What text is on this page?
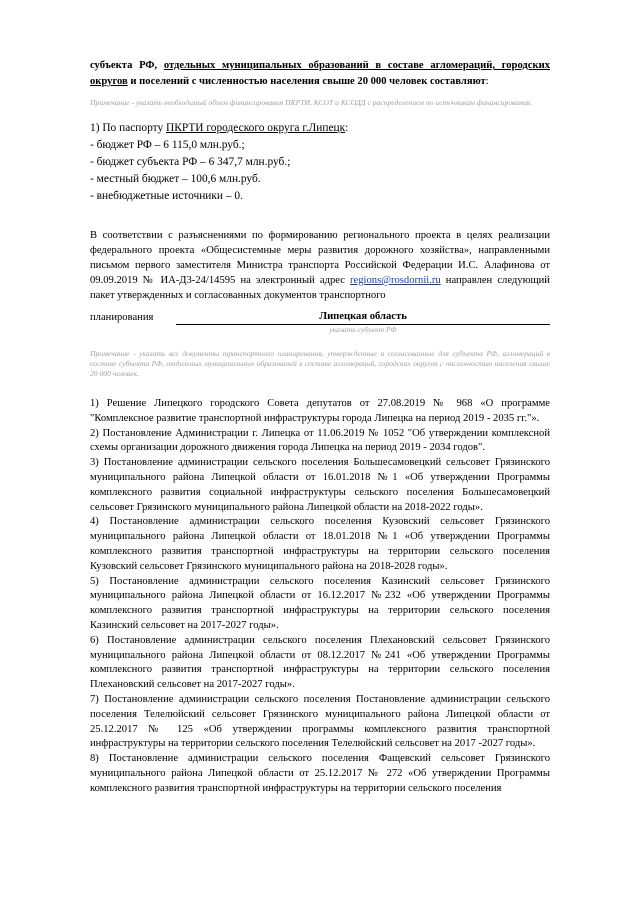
субъекта РФ, отдельных муниципальных образований в составе агломераций, городских округов и поселений с численностью населения свыше 20 000 человек составляют:

Примечание - указать необходимый объем финансирования ПКРТИ, КСОТ и КСОДД с распределением по источникам финансирования.

1) По паспорту ПКРТИ городеского округа г.Липецк:

- бюджет РФ – 6 115,0 млн.руб.;

- бюджет субъекта РФ – 6 347,7 млн.руб.;

- местный бюджет – 100,6 млн.руб.

- внебюджетные источники – 0.

В соответствии с разъяснениями по формированию регионального проекта в целях реализации федерального проекта «Общесистемные меры развития дорожного хозяйства», направленными письмом первого заместителя Министра транспорта Российской Федерации И.С. Алафинова от 09.09.2019 № ИА-Д3-24/14595 на электронный адрес regions@rosdornii.ru направлен следующий пакет утвержденных и согласованных документов транспортного

планирования	Липецкая область
указать субъект РФ

Примечание - указать все документы транспортного планирования, утвержденные и согласованные для субъекта РФ, агломераций в составе субъекта РФ, отдельных муниципальных образований в составе агломераций, городских округов с численностью населения свыше 20 000 человек.

1) Решение Липецкого городского Совета депутатов от 27.08.2019 № 968 «О программе "Комплексное развитие транспортной инфраструктуры города Липецка на период 2019 - 2035 гг."».

2) Постановление Администрации г. Липецка от 11.06.2019 № 1052 "Об утверждении комплексной схемы организации дорожного движения города Липецка на период 2019 - 2034 годов".

3) Постановление администрации сельского поселения Большесамовецкий сельсовет Грязинского муниципального района Липецкой области от 16.01.2018 №1 «Об утверждении Программы комплексного развития социальной инфраструктуры сельского поселения Большесамовецкий сельсовет Грязинского муниципального района Липецкой области на 2018-2022 годы».

4) Постановление администрации сельского поселения Кузовский сельсовет Грязинского муниципального района Липецкой области от 18.01.2018 №1 «Об утверждении Программы комплексного развития транспортной инфраструктуры на территории сельского поселения Кузовский сельсовет Грязинского муниципального района на 2018-2028 годы».

5) Постановление администрации сельского поселения Казинский сельсовет Грязинского муниципального района Липецкой области от 16.12.2017 №232 «Об утверждении Программы комплексного развития транспортной инфраструктуры на территории сельского поселения Казинский сельсовет на 2017-2027 годы».

6) Постановление администрации сельского поселения Плехановский сельсовет Грязинского муниципального района Липецкой области от 08.12.2017 №241 «Об утверждении Программы комплексного развития транспортной инфраструктуры на территории сельского поселения Плехановский сельсовет на 2017-2027 годы».

7) Постановление администрации сельского поселения Постановление администрации сельского поселения Телелюйский сельсовет Грязинского муниципального района Липецкой области от 25.12.2017 № 125 «Об утверждении программы комплексного развития транспортной инфраструктуры на территории сельского поселения Телелюйский сельсовет на 2017 -2027 годы».

8) Постановление администрации сельского поселения Фащевский сельсовет Грязинского муниципального района Липецкой области от 25.12.2017 № 272 «Об утверждении Программы комплексного развития транспортной инфраструктуры на территории сельского поселения
